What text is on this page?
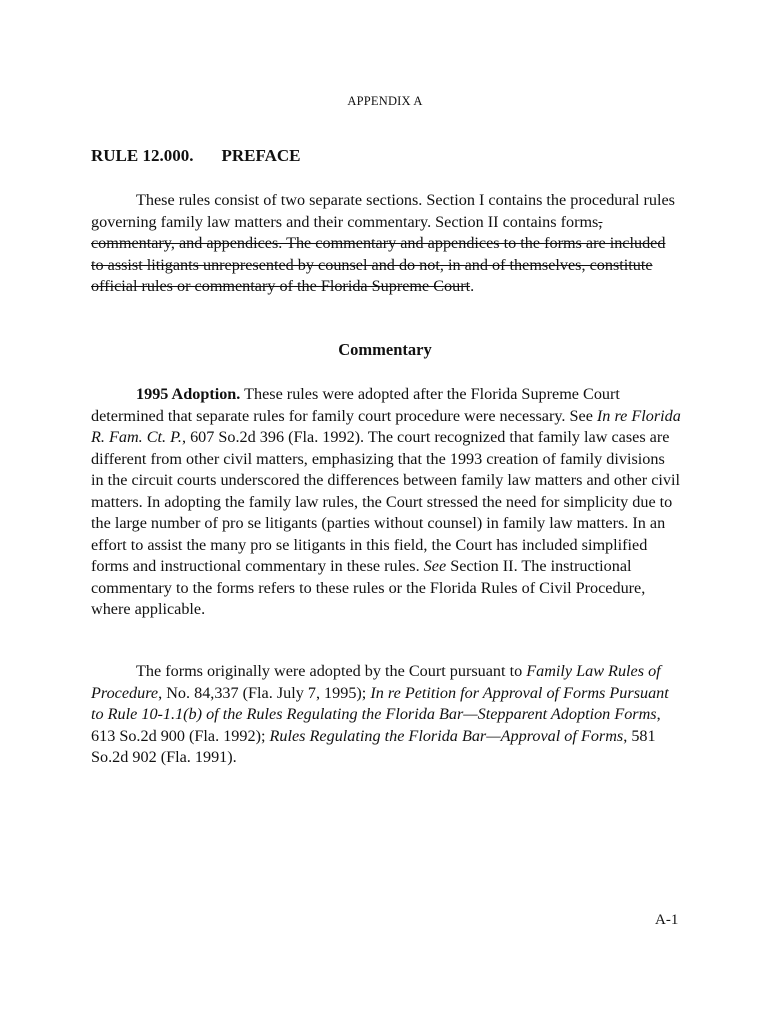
APPENDIX A
RULE 12.000. PREFACE
These rules consist of two separate sections. Section I contains the procedural rules governing family law matters and their commentary. Section II contains forms, commentary, and appendices. The commentary and appendices to the forms are included to assist litigants unrepresented by counsel and do not, in and of themselves, constitute official rules or commentary of the Florida Supreme Court.
Commentary
1995 Adoption. These rules were adopted after the Florida Supreme Court determined that separate rules for family court procedure were necessary. See In re Florida R. Fam. Ct. P., 607 So.2d 396 (Fla. 1992). The court recognized that family law cases are different from other civil matters, emphasizing that the 1993 creation of family divisions in the circuit courts underscored the differences between family law matters and other civil matters. In adopting the family law rules, the Court stressed the need for simplicity due to the large number of pro se litigants (parties without counsel) in family law matters. In an effort to assist the many pro se litigants in this field, the Court has included simplified forms and instructional commentary in these rules. See Section II. The instructional commentary to the forms refers to these rules or the Florida Rules of Civil Procedure, where applicable.
The forms originally were adopted by the Court pursuant to Family Law Rules of Procedure, No. 84,337 (Fla. July 7, 1995); In re Petition for Approval of Forms Pursuant to Rule 10-1.1(b) of the Rules Regulating the Florida Bar—Stepparent Adoption Forms, 613 So.2d 900 (Fla. 1992); Rules Regulating the Florida Bar—Approval of Forms, 581 So.2d 902 (Fla. 1991).
A-1
